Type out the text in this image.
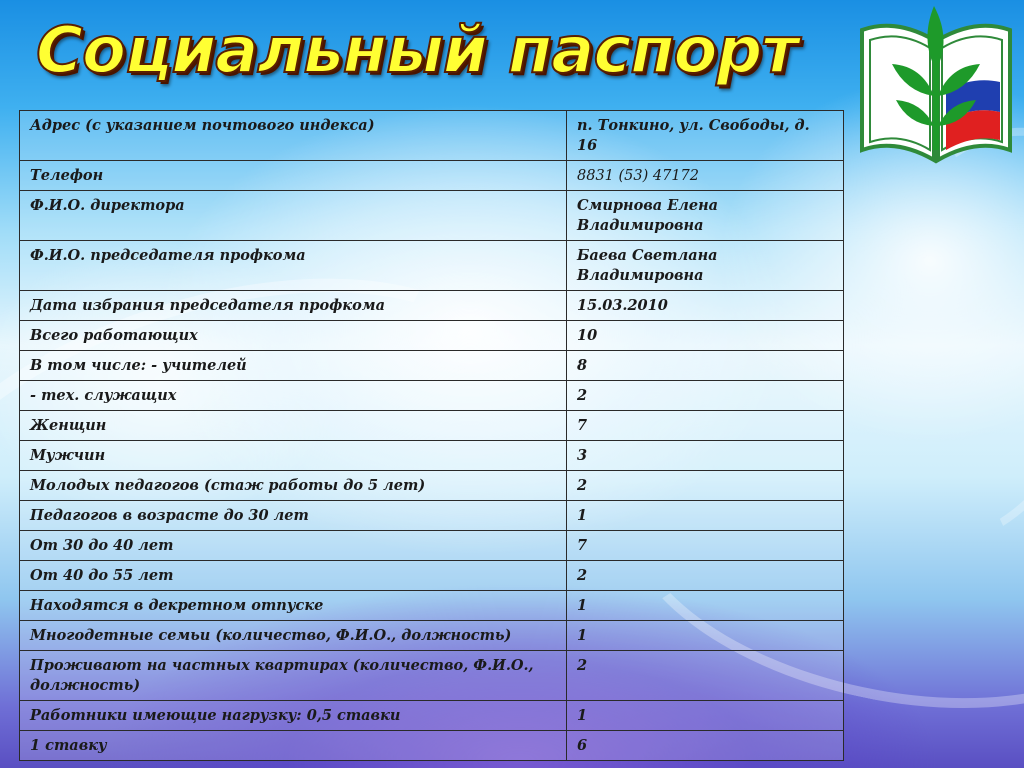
Социальный паспорт
Адрес (с указанием почтового индекса)	п. Тонкино, ул. Свободы, д. 16
Телефон	8831 (53) 47172
Ф.И.О. директора	Смирнова Елена Владимировна
Ф.И.О. председателя профкома	Баева Светлана Владимировна
Дата избрания председателя профкома	15.03.2010
Всего работающих	10
В том числе: - учителей	8
- тех. служащих	2
Женщин	7
Мужчин	3
Молодых педагогов (стаж работы до 5 лет)	2
Педагогов в возрасте до 30 лет	1
От 30 до 40 лет	7
От 40 до 55 лет	2
Находятся в декретном отпуске	1
Многодетные семьи (количество, Ф.И.О., должность)	1
Проживают на частных квартирах (количество, Ф.И.О., должность)	2
Работники имеющие нагрузку: 0,5 ставки	1
1 ставку	6
